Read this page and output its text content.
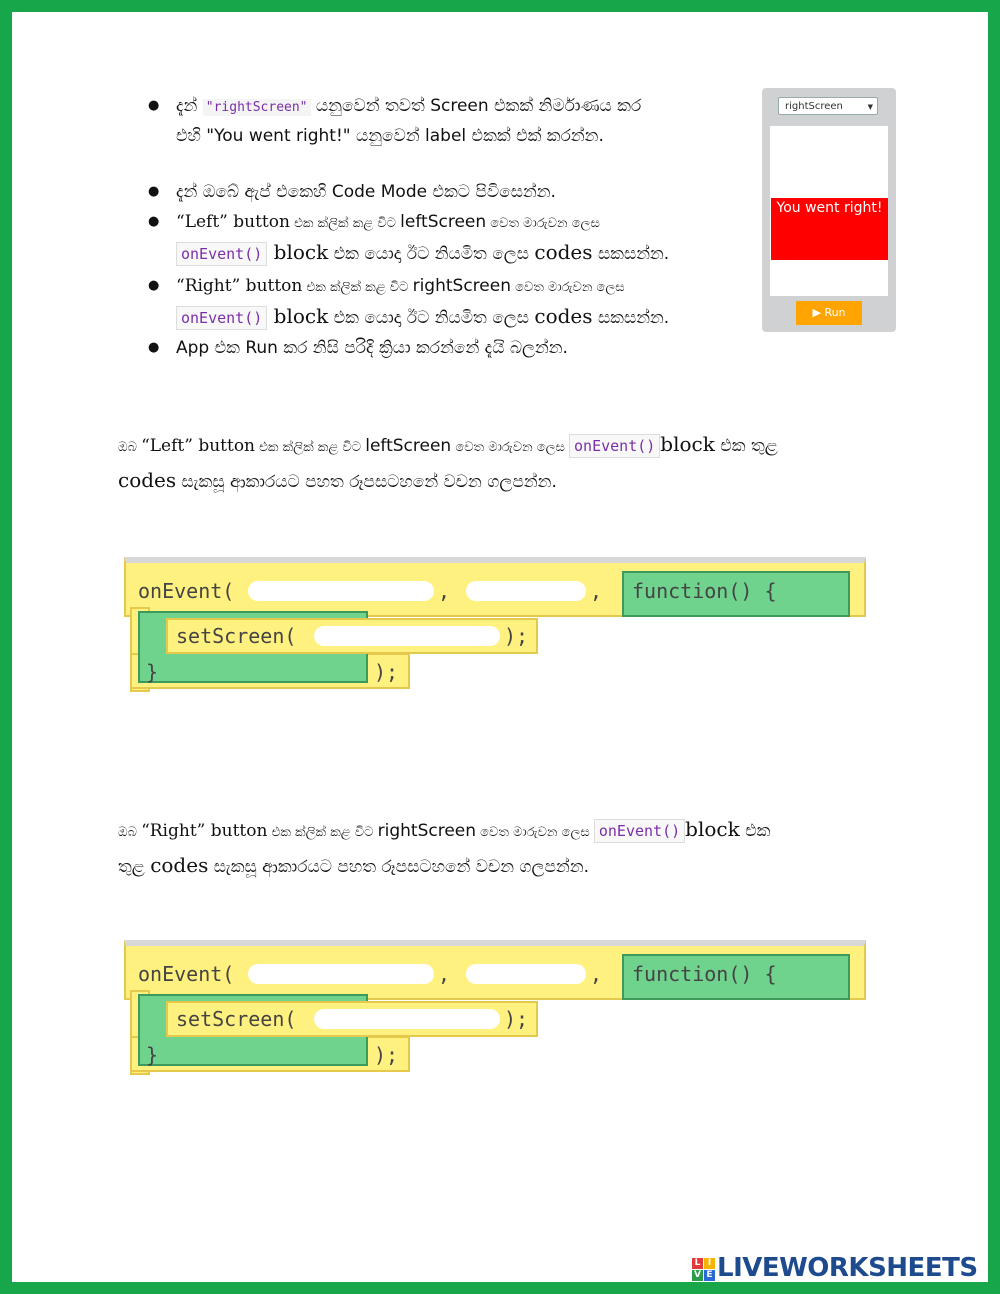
● දැන් "rightScreen" යනුවෙන් තවත් Screen එකක් නිර්මාණය කර
එහි "You went right!" යනුවෙන් label එකක් එක් කරන්න.
● දැන් ඔබේ ඇප් එකෙහි Code Mode එකට පිවිසෙන්න.
● “Left” button එක ක්ලික් කළ විට leftScreen වෙත මාරුවන ලෙස
onEvent() block එක යොදා ඊට නියමිත ලෙස codes සකසන්න.
● “Right” button එක ක්ලික් කළ විට rightScreen වෙත මාරුවන ලෙස
onEvent() block එක යොදා ඊට නියමිත ලෙස codes සකසන්න.
● App එක Run කර නිසි පරිදි ක්‍රියා කරන්නේ දැයි බලන්න.
rightScreen	▼
You went right!
▶ Run

ඔබ “Left” button එක ක්ලික් කළ විට leftScreen වෙත මාරුවන ලෙස onEvent() block එක තුළ
codes සැකසූ ආකාරයට පහත රූපසටහනේ වචන ගලපන්න.

onEvent(	,	, function() {
setScreen(	);
}	);

ඔබ “Right” button එක ක්ලික් කළ විට rightScreen වෙත මාරුවන ලෙස onEvent() block එක
තුළ codes සැකසූ ආකාරයට පහත රූපසටහනේ වචන ගලපන්න.

onEvent(	,	, function() {
setScreen(	);
}	);
L I
V E LIVEWORKSHEETS
